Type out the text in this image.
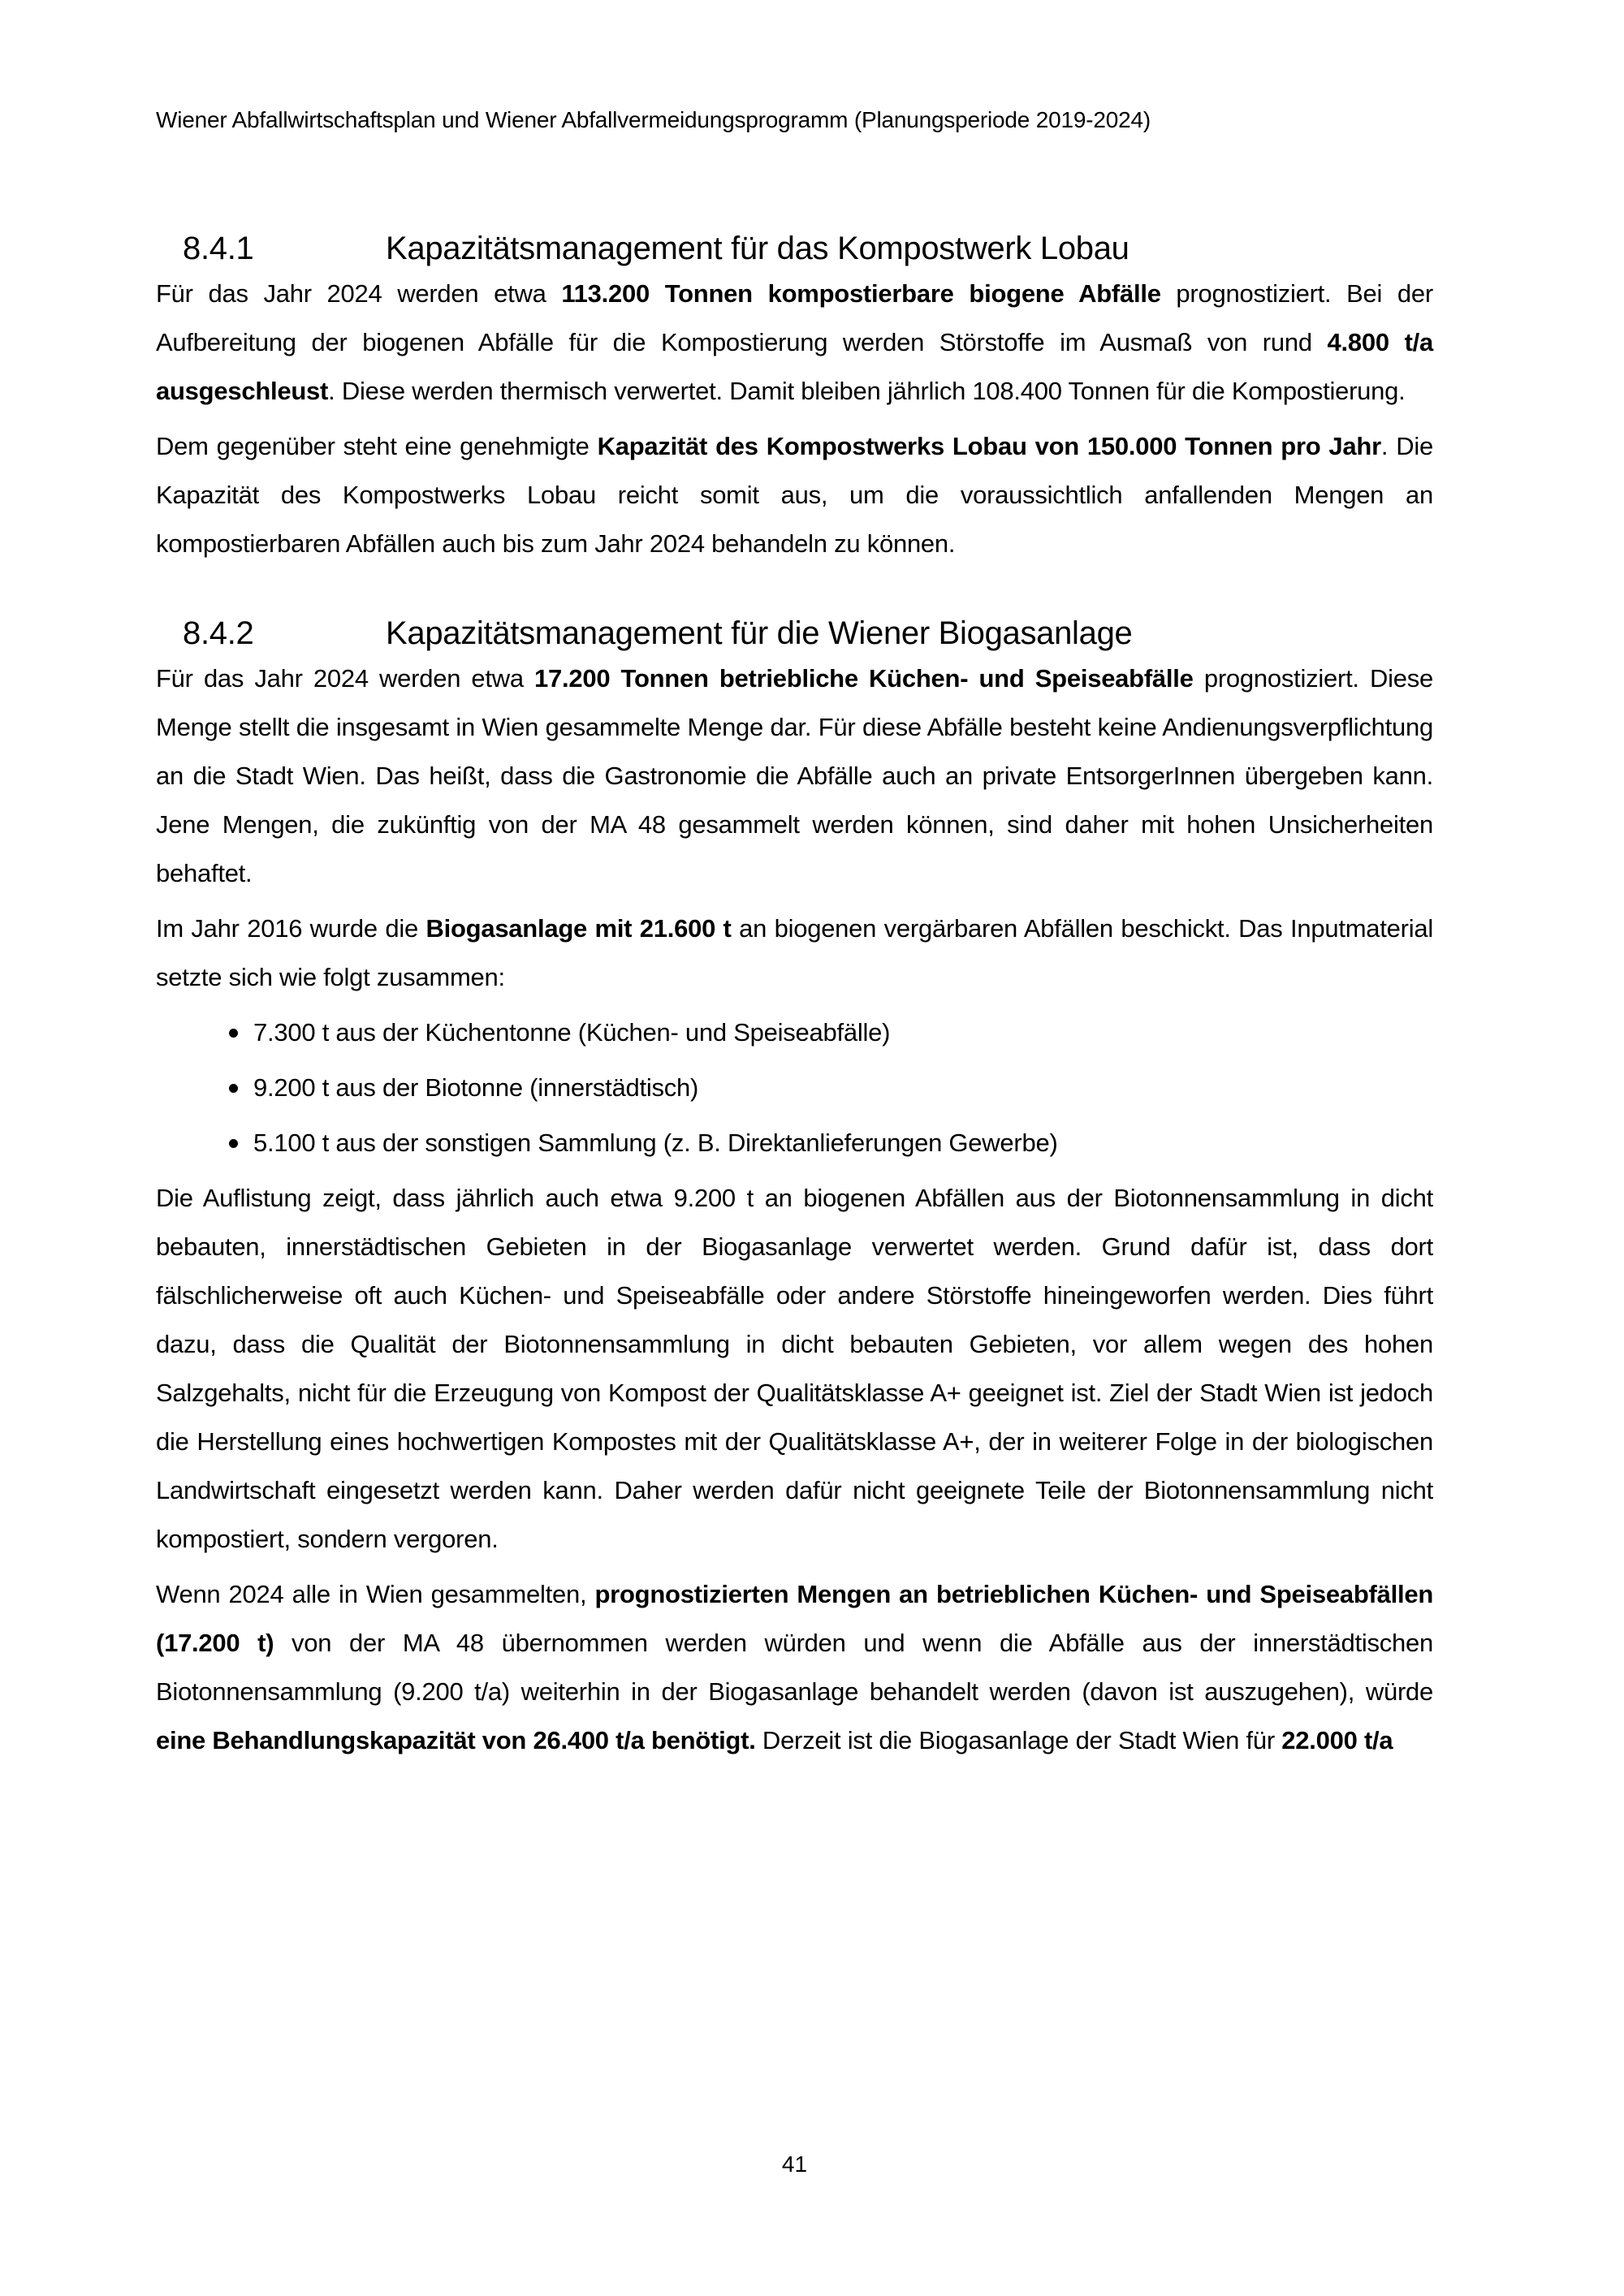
Wiener Abfallwirtschaftsplan und Wiener Abfallvermeidungsprogramm (Planungsperiode 2019-2024)
8.4.1	Kapazitätsmanagement für das Kompostwerk Lobau

Für das Jahr 2024 werden etwa 113.200 Tonnen kompostierbare biogene Abfälle prognostiziert. Bei der Aufbereitung der biogenen Abfälle für die Kompostierung werden Störstoffe im Ausmaß von rund 4.800 t/a ausgeschleust. Diese werden thermisch verwertet. Damit bleiben jährlich 108.400 Tonnen für die Kompostierung.

Dem gegenüber steht eine genehmigte Kapazität des Kompostwerks Lobau von 150.000 Tonnen pro Jahr. Die Kapazität des Kompostwerks Lobau reicht somit aus, um die voraussichtlich anfallenden Mengen an kompostierbaren Abfällen auch bis zum Jahr 2024 behandeln zu können.

8.4.2	Kapazitätsmanagement für die Wiener Biogasanlage

Für das Jahr 2024 werden etwa 17.200 Tonnen betriebliche Küchen- und Speiseabfälle prognostiziert. Diese Menge stellt die insgesamt in Wien gesammelte Menge dar. Für diese Abfälle besteht keine Andienungsverpflichtung an die Stadt Wien. Das heißt, dass die Gastronomie die Abfälle auch an private EntsorgerInnen übergeben kann. Jene Mengen, die zukünftig von der MA 48 gesammelt werden können, sind daher mit hohen Unsicherheiten behaftet.

Im Jahr 2016 wurde die Biogasanlage mit 21.600 t an biogenen vergärbaren Abfällen beschickt. Das Inputmaterial setzte sich wie folgt zusammen:

7.300 t aus der Küchentonne (Küchen- und Speiseabfälle)
9.200 t aus der Biotonne (innerstädtisch)
5.100 t aus der sonstigen Sammlung (z. B. Direktanlieferungen Gewerbe)

Die Auflistung zeigt, dass jährlich auch etwa 9.200 t an biogenen Abfällen aus der Biotonnensammlung in dicht bebauten, innerstädtischen Gebieten in der Biogasanlage verwertet werden. Grund dafür ist, dass dort fälschlicherweise oft auch Küchen- und Speiseabfälle oder andere Störstoffe hineingeworfen werden. Dies führt dazu, dass die Qualität der Biotonnensammlung in dicht bebauten Gebieten, vor allem wegen des hohen Salzgehalts, nicht für die Erzeugung von Kompost der Qualitätsklasse A+ geeignet ist. Ziel der Stadt Wien ist jedoch die Herstellung eines hochwertigen Kompostes mit der Qualitätsklasse A+, der in weiterer Folge in der biologischen Landwirtschaft eingesetzt werden kann. Daher werden dafür nicht geeignete Teile der Biotonnensammlung nicht kompostiert, sondern vergoren.

Wenn 2024 alle in Wien gesammelten, prognostizierten Mengen an betrieblichen Küchen- und Speiseabfällen (17.200 t) von der MA 48 übernommen werden würden und wenn die Abfälle aus der innerstädtischen Biotonnensammlung (9.200 t/a) weiterhin in der Biogasanlage behandelt werden (davon ist auszugehen), würde eine Behandlungskapazität von 26.400 t/a benötigt. Derzeit ist die Biogasanlage der Stadt Wien für 22.000 t/a

41
